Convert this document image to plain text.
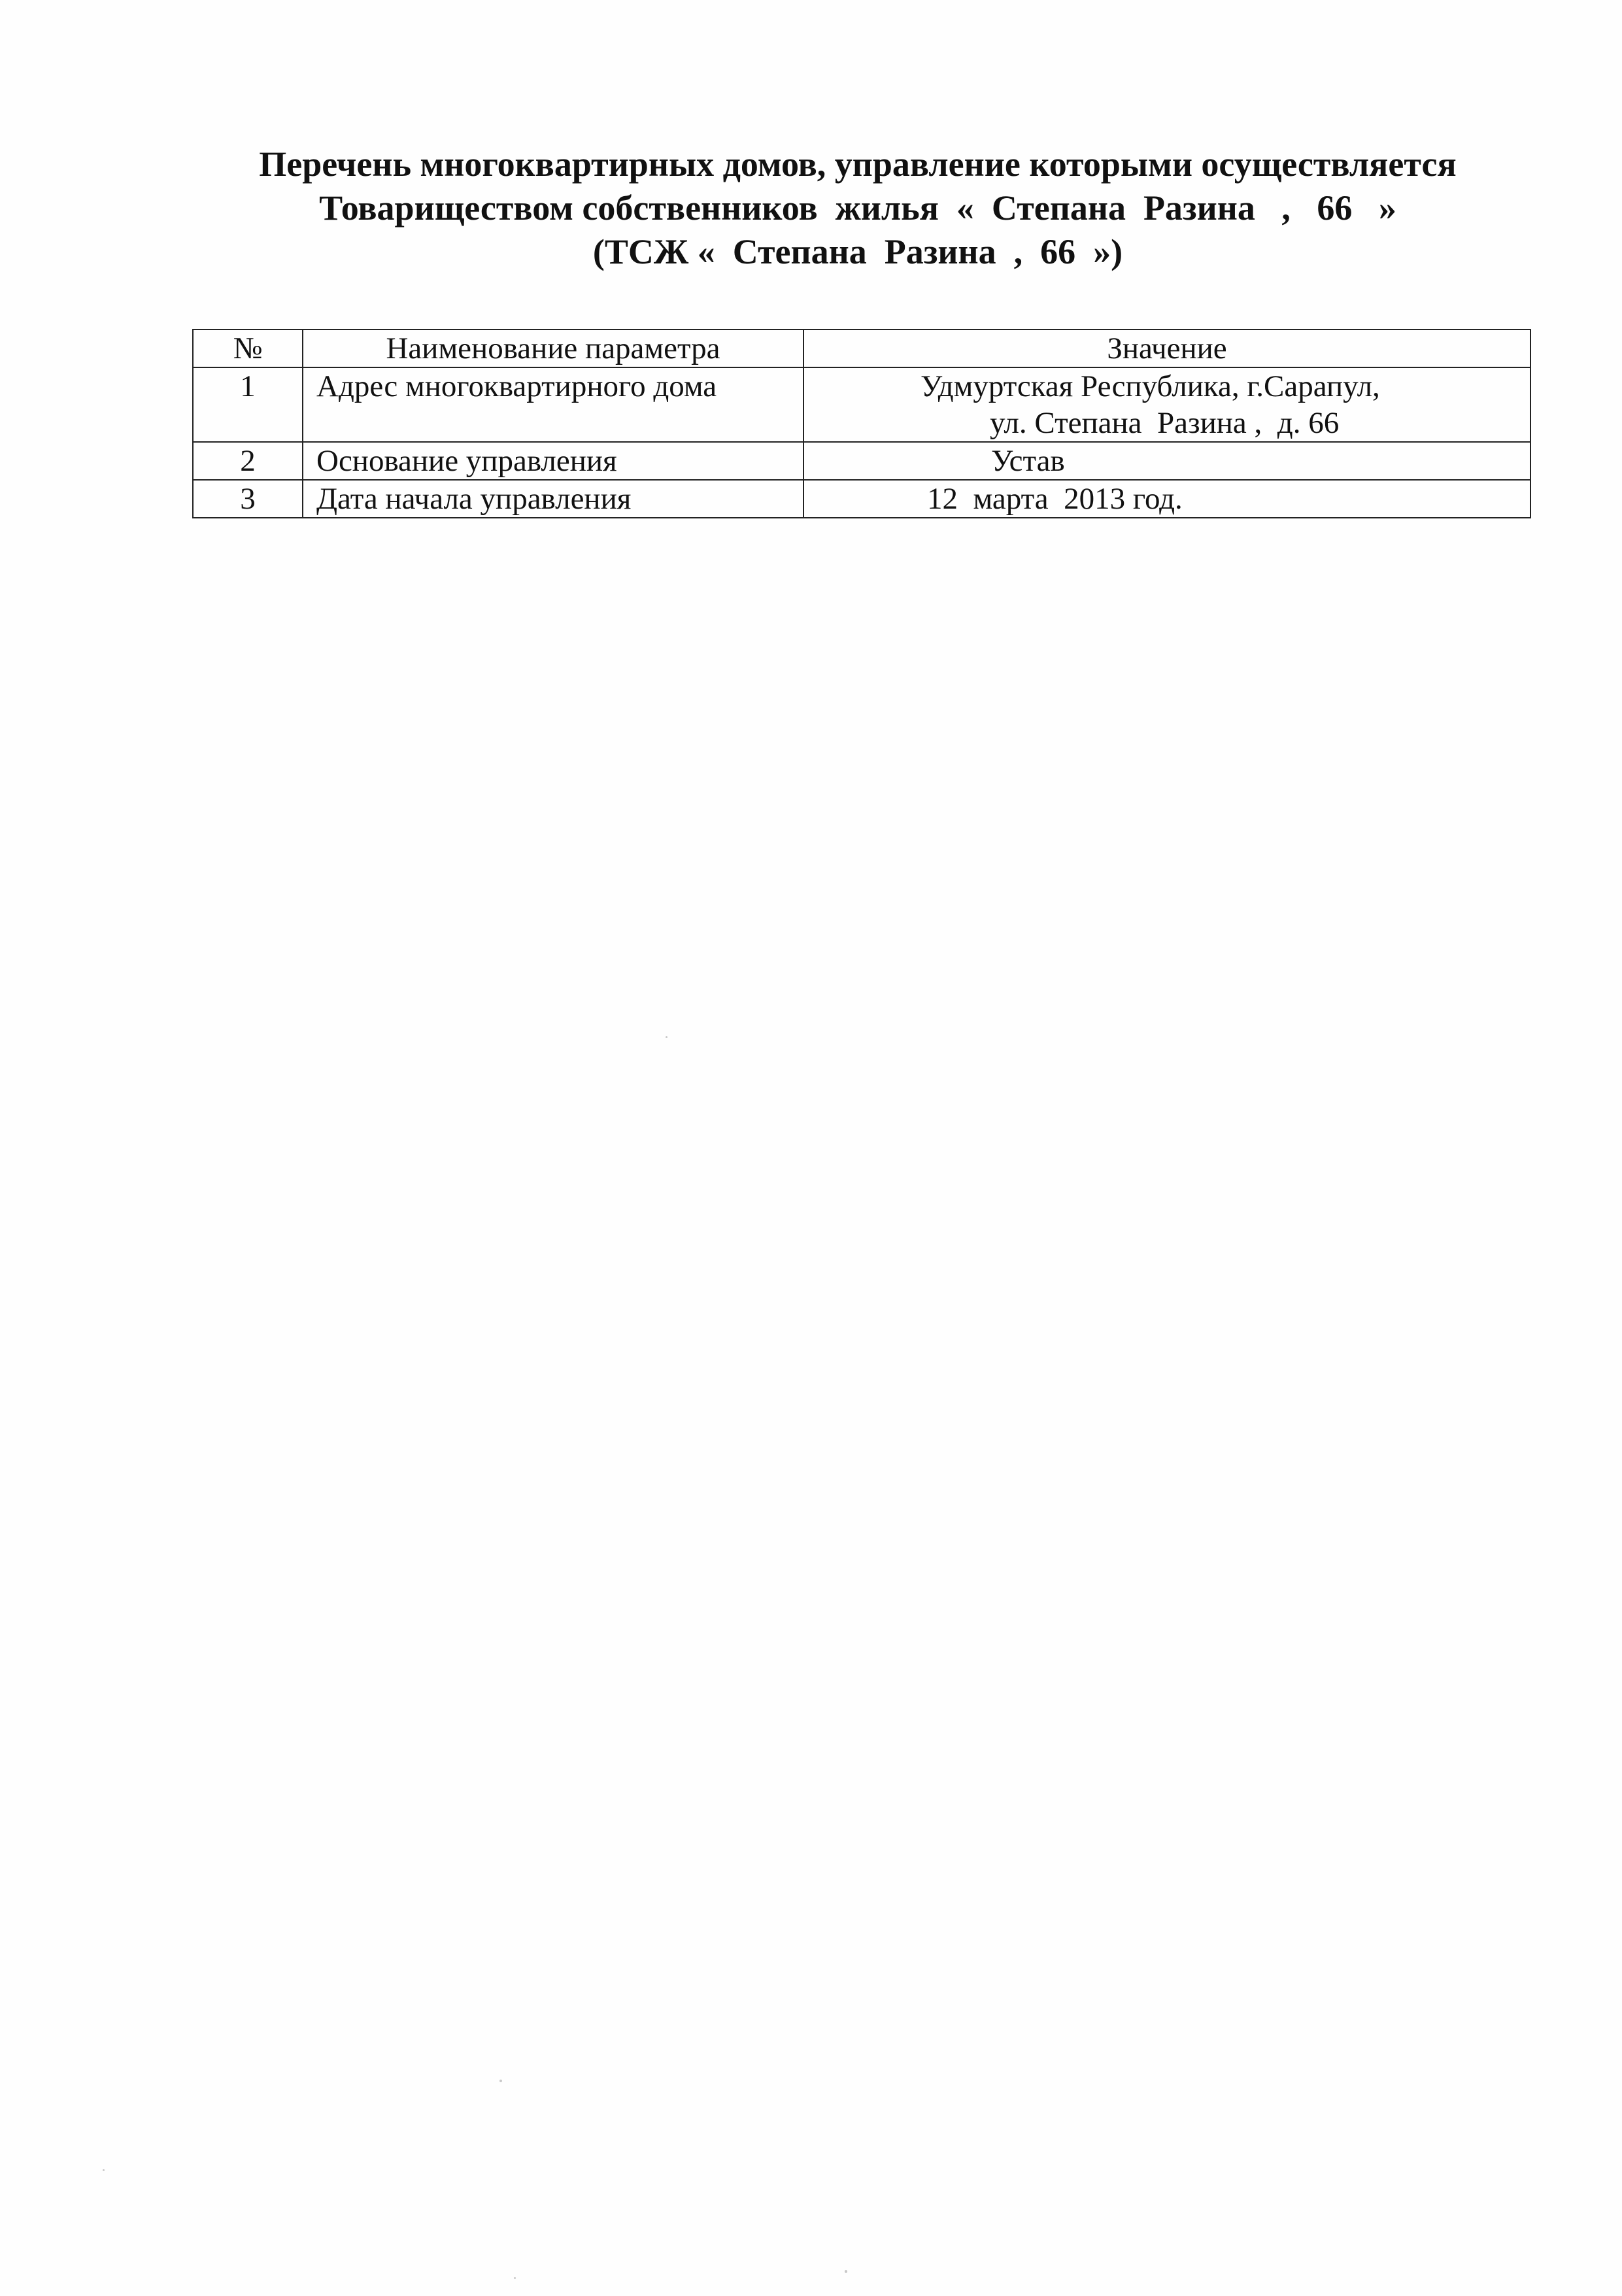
Перечень многоквартирных домов, управление которыми осуществляется
Товариществом собственников  жилья  «  Степана  Разина   ,   66   »
(ТСЖ «  Степана  Разина  ,  66  »)
№	Наименование параметра	Значение
1	Адрес многоквартирного дома	Удмуртская Республика, г.Сарапул,
ул. Степана  Разина ,  д. 66

2	Основание управления	Устав

3	Дата начала управления	12  марта  2013 год.
